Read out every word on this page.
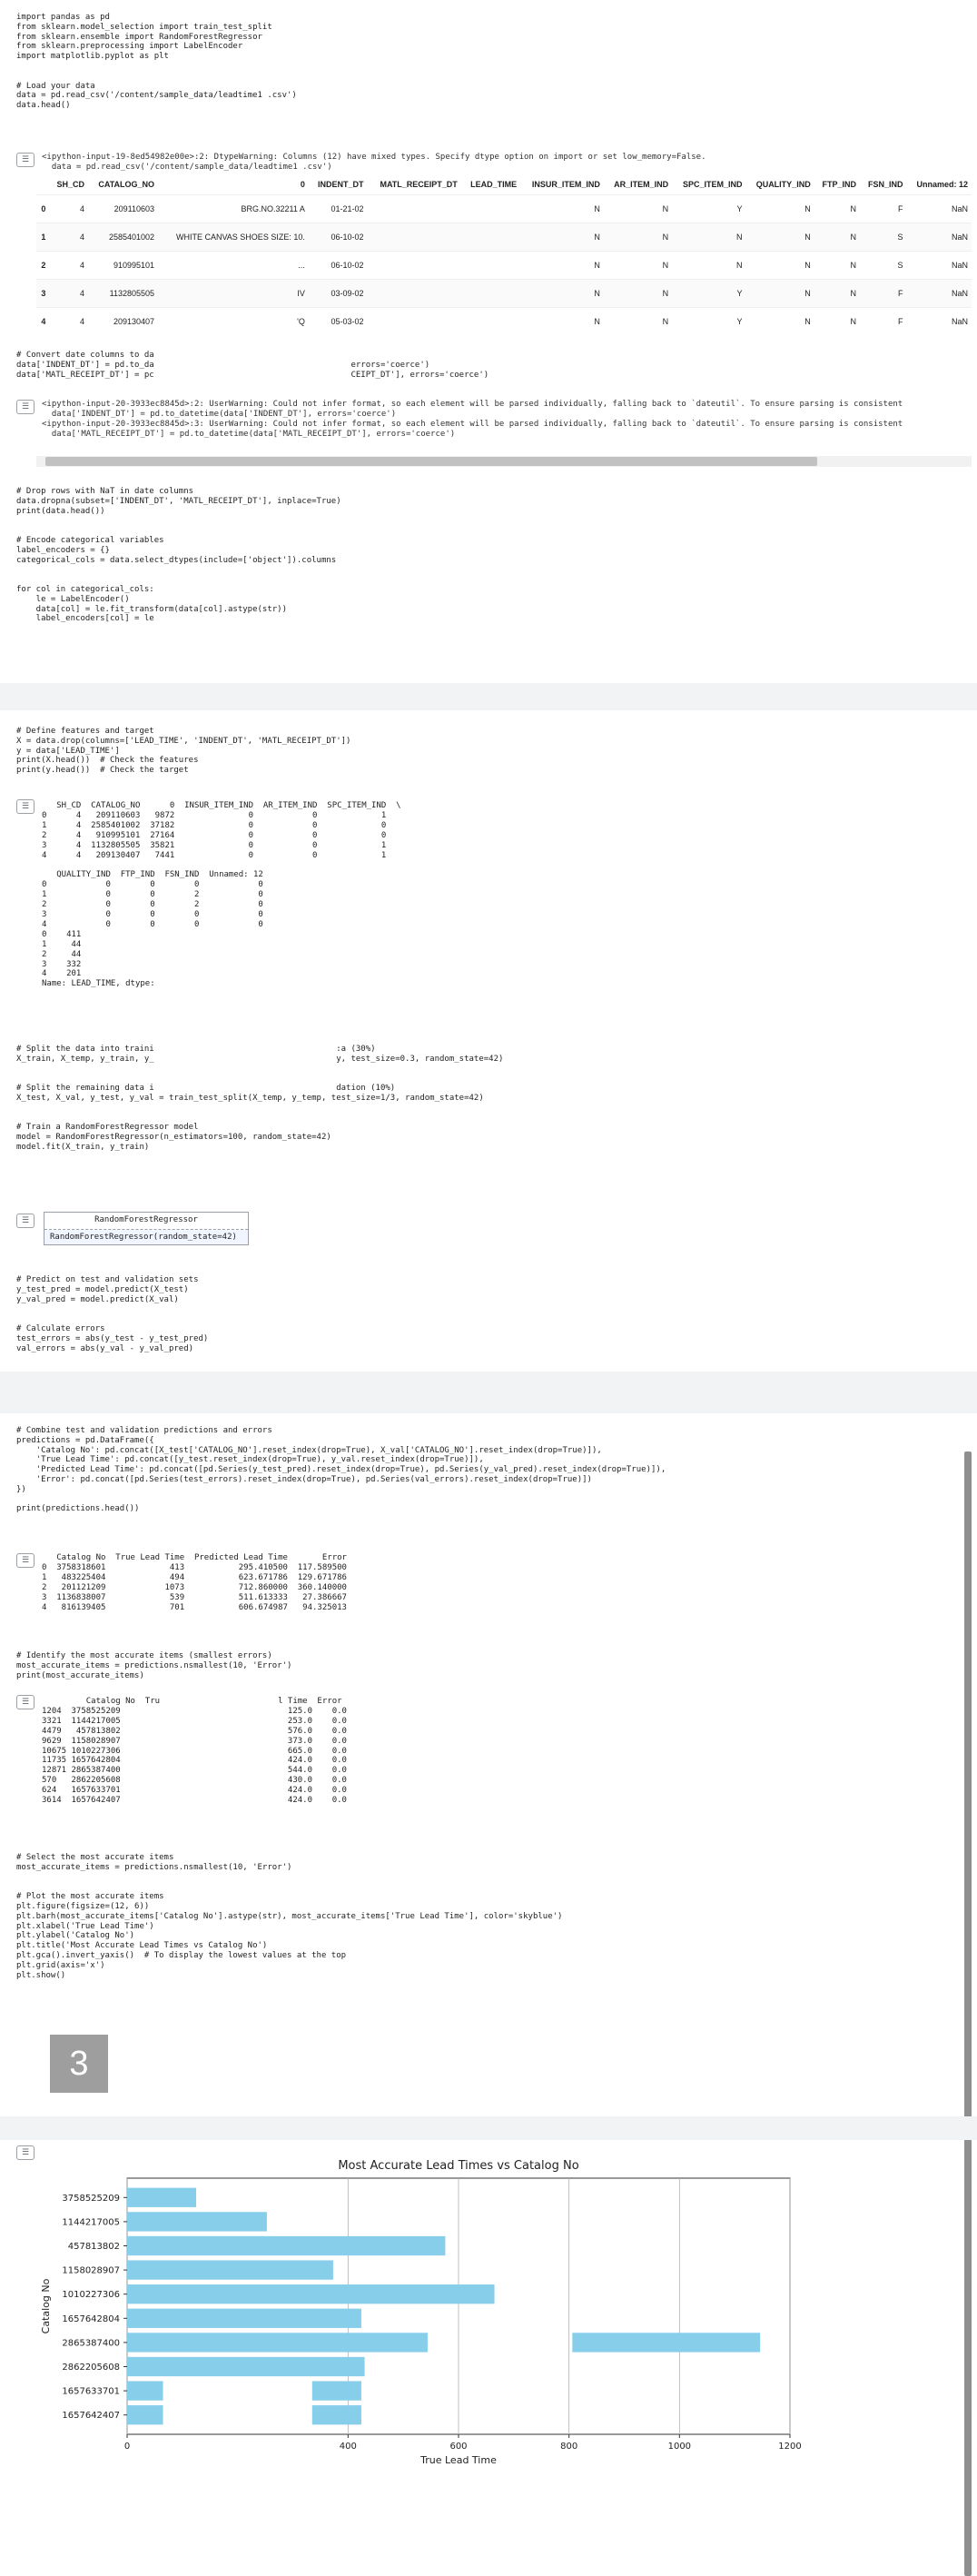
import pandas as pd
from sklearn.model_selection import train_test_split
from sklearn.ensemble import RandomForestRegressor
from sklearn.preprocessing import LabelEncoder
import matplotlib.pyplot as plt

# Load your data
data = pd.read_csv('/content/sample_data/leadtime1 .csv')
data.head()
☰	<ipython-input-19-8ed54982e00e>:2: DtypeWarning: Columns (12) have mixed types. Specify dtype option on import or set low_memory=False.
data = pd.read_csv('/content/sample_data/leadtime1 .csv')
	SH_CD	CATALOG_NO	0	INDENT_DT	MATL_RECEIPT_DT	LEAD_TIME	INSUR_ITEM_IND	AR_ITEM_IND	SPC_ITEM_IND	QUALITY_IND	FTP_IND	FSN_IND	Unnamed: 12
0	4	209110603	BRG.NO.32211 A	01-21-02			N	N	Y	N	N	F	NaN
1	4	2585401002	WHITE CANVAS SHOES SIZE: 10.	06-10-02			N	N	N	N	N	S	NaN
2	4	910995101	...	06-10-02			N	N	N	N	N	S	NaN
3	4	1132805505	IV	03-09-02			N	N	Y	N	N	F	NaN
4	4	209130407	'Q	05-03-02			N	N	Y	N	N	F	NaN
# Convert date columns to da
data['INDENT_DT'] = pd.to_da                                        errors='coerce')
data['MATL_RECEIPT_DT'] = pc                                        CEIPT_DT'], errors='coerce')
☰	<ipython-input-20-3933ec8845d>:2: UserWarning: Could not infer format, so each element will be parsed individually, falling back to `dateutil`. To ensure parsing is consistent
data['INDENT_DT'] = pd.to_datetime(data['INDENT_DT'], errors='coerce')
<ipython-input-20-3933ec8845d>:3: UserWarning: Could not infer format, so each element will be parsed individually, falling back to `dateutil`. To ensure parsing is consistent
data['MATL_RECEIPT_DT'] = pd.to_datetime(data['MATL_RECEIPT_DT'], errors='coerce')
# Drop rows with NaT in date columns
data.dropna(subset=['INDENT_DT', 'MATL_RECEIPT_DT'], inplace=True)
print(data.head())

# Encode categorical variables
label_encoders = {}
categorical_cols = data.select_dtypes(include=['object']).columns

for col in categorical_cols:
le = LabelEncoder()
data[col] = le.fit_transform(data[col].astype(str))
label_encoders[col] = le
# Define features and target
X = data.drop(columns=['LEAD_TIME', 'INDENT_DT', 'MATL_RECEIPT_DT'])
y = data['LEAD_TIME']
print(X.head())  # Check the features
print(y.head())  # Check the target
☰	SH_CD  CATALOG_NO      0  INSUR_ITEM_IND  AR_ITEM_IND  SPC_ITEM_IND  \
0      4   209110603   9872               0            0             1
1      4  2585401002  37182               0            0             0
2      4   910995101  27164               0            0             0
3      4  1132805505  35821               0            0             1
4      4   209130407   7441               0            0             1

QUALITY_IND  FTP_IND  FSN_IND  Unnamed: 12
0            0        0        0            0
1            0        0        2            0
2            0        0        2            0
3            0        0        0            0
4            0        0        0            0
0    411
1     44
2     44
3    332
4    201
Name: LEAD_TIME, dtype:
# Split the data into traini                                     :a (30%)
X_train, X_temp, y_train, y_                                     y, test_size=0.3, random_state=42)

# Split the remaining data i                                     dation (10%)
X_test, X_val, y_test, y_val = train_test_split(X_temp, y_temp, test_size=1/3, random_state=42)

# Train a RandomForestRegressor model
model = RandomForestRegressor(n_estimators=100, random_state=42)
model.fit(X_train, y_train)
☰	RandomForestRegressor
RandomForestRegressor(random_state=42)
# Predict on test and validation sets
y_test_pred = model.predict(X_test)
y_val_pred = model.predict(X_val)

# Calculate errors
test_errors = abs(y_test - y_test_pred)
val_errors = abs(y_val - y_val_pred)
# Combine test and validation predictions and errors
predictions = pd.DataFrame({
'Catalog No': pd.concat([X_test['CATALOG_NO'].reset_index(drop=True), X_val['CATALOG_NO'].reset_index(drop=True)]),
'True Lead Time': pd.concat([y_test.reset_index(drop=True), y_val.reset_index(drop=True)]),
'Predicted Lead Time': pd.concat([pd.Series(y_test_pred).reset_index(drop=True), pd.Series(y_val_pred).reset_index(drop=True)]),
'Error': pd.concat([pd.Series(test_errors).reset_index(drop=True), pd.Series(val_errors).reset_index(drop=True)])
})

print(predictions.head())
☰	Catalog No  True Lead Time  Predicted Lead Time       Error
0  3758318601             413           295.410500  117.589500
1   483225404             494           623.671786  129.671786
2   201121209            1073           712.860000  360.140000
3  1136838007             539           511.613333   27.386667
4   816139405             701           606.674987   94.325013
# Identify the most accurate items (smallest errors)
most_accurate_items = predictions.nsmallest(10, 'Error')
print(most_accurate_items)
☰	Catalog No  Tru                        l Time  Error
1204  3758525209                                  125.0    0.0
3321  1144217005                                  253.0    0.0
4479   457813802                                  576.0    0.0
9629  1158028907                                  373.0    0.0
10675 1010227306                                  665.0    0.0
11735 1657642804                                  424.0    0.0
12871 2865387400                                  544.0    0.0
570   2862205608                                  430.0    0.0
624   1657633701                                  424.0    0.0
3614  1657642407                                  424.0    0.0
# Select the most accurate items
most_accurate_items = predictions.nsmallest(10, 'Error')

# Plot the most accurate items
plt.figure(figsize=(12, 6))
plt.barh(most_accurate_items['Catalog No'].astype(str), most_accurate_items['True Lead Time'], color='skyblue')
plt.xlabel('True Lead Time')
plt.ylabel('Catalog No')
plt.title('Most Accurate Lead Times vs Catalog No')
plt.gca().invert_yaxis()  # To display the lowest values at the top
plt.grid(axis='x')
plt.show()
3
☰
0	400	600	800	1000	1200
3758525209
1144217005
457813802
1158028907
1010227306
1657642804
2865387400
2862205608
1657633701
1657642407
Most Accurate Lead Times vs Catalog No
True Lead Time
Catalog No
